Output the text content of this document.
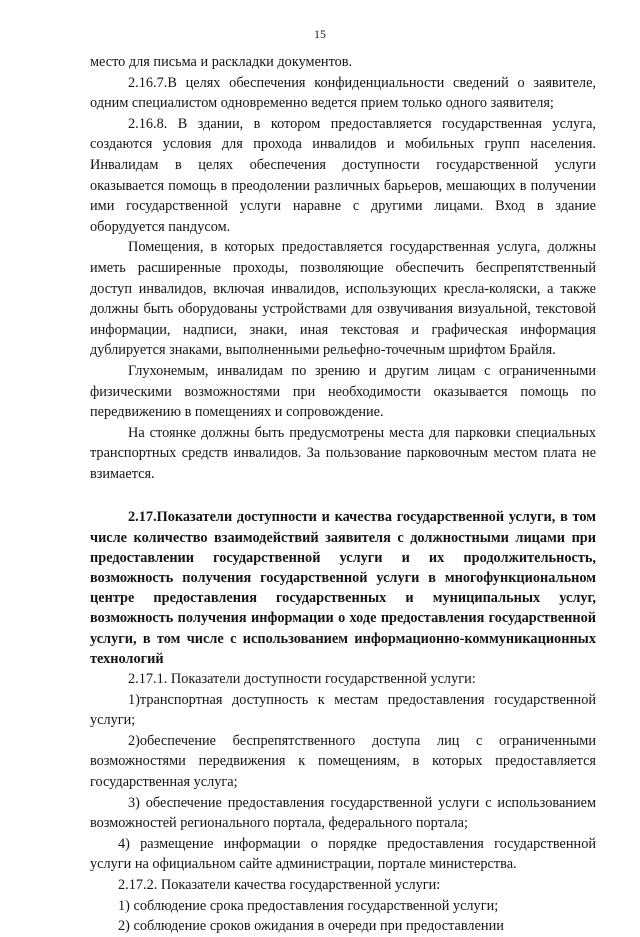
15

место для письма и раскладки документов.

2.16.7.В целях обеспечения конфиденциальности сведений о заявителе, одним специалистом одновременно ведется прием только одного заявителя;

2.16.8. В здании, в котором предоставляется государственная услуга, создаются условия для прохода инвалидов и мобильных групп населения. Инвалидам в целях обеспечения доступности государственной услуги оказывается помощь в преодолении различных барьеров, мешающих в получении ими государственной услуги наравне с другими лицами. Вход в здание оборудуется пандусом.

Помещения, в которых предоставляется государственная услуга, должны иметь расширенные проходы, позволяющие обеспечить беспрепятственный доступ инвалидов, включая инвалидов, использующих кресла-коляски, а также должны быть оборудованы устройствами для озвучивания визуальной, текстовой информации, надписи, знаки, иная текстовая и графическая информация дублируется знаками, выполненными рельефно-точечным шрифтом Брайля.

Глухонемым, инвалидам по зрению и другим лицам с ограниченными физическими возможностями при необходимости оказывается помощь по передвижению в помещениях и сопровождение.

На стоянке должны быть предусмотрены места для парковки специальных транспортных средств инвалидов. За пользование парковочным местом плата не взимается.

2.17.Показатели доступности и качества государственной услуги, в том числе количество взаимодействий заявителя с должностными лицами при предоставлении государственной услуги и их продолжительность, возможность получения государственной услуги в многофункциональном центре предоставления государственных и муниципальных услуг, возможность получения информации о ходе предоставления государственной услуги, в том числе с использованием информационно-коммуникационных технологий

2.17.1. Показатели доступности государственной услуги:

1)транспортная доступность к местам предоставления государственной услуги;

2)обеспечение беспрепятственного доступа лиц с ограниченными возможностями передвижения к помещениям, в которых предоставляется государственная услуга;

3) обеспечение предоставления государственной услуги с использованием возможностей регионального портала, федерального портала;

4) размещение информации о порядке предоставления государственной услуги на официальном сайте администрации, портале министерства.

2.17.2. Показатели качества государственной услуги:

1) соблюдение срока предоставления государственной услуги;

2) соблюдение сроков ожидания в очереди при предоставлении
